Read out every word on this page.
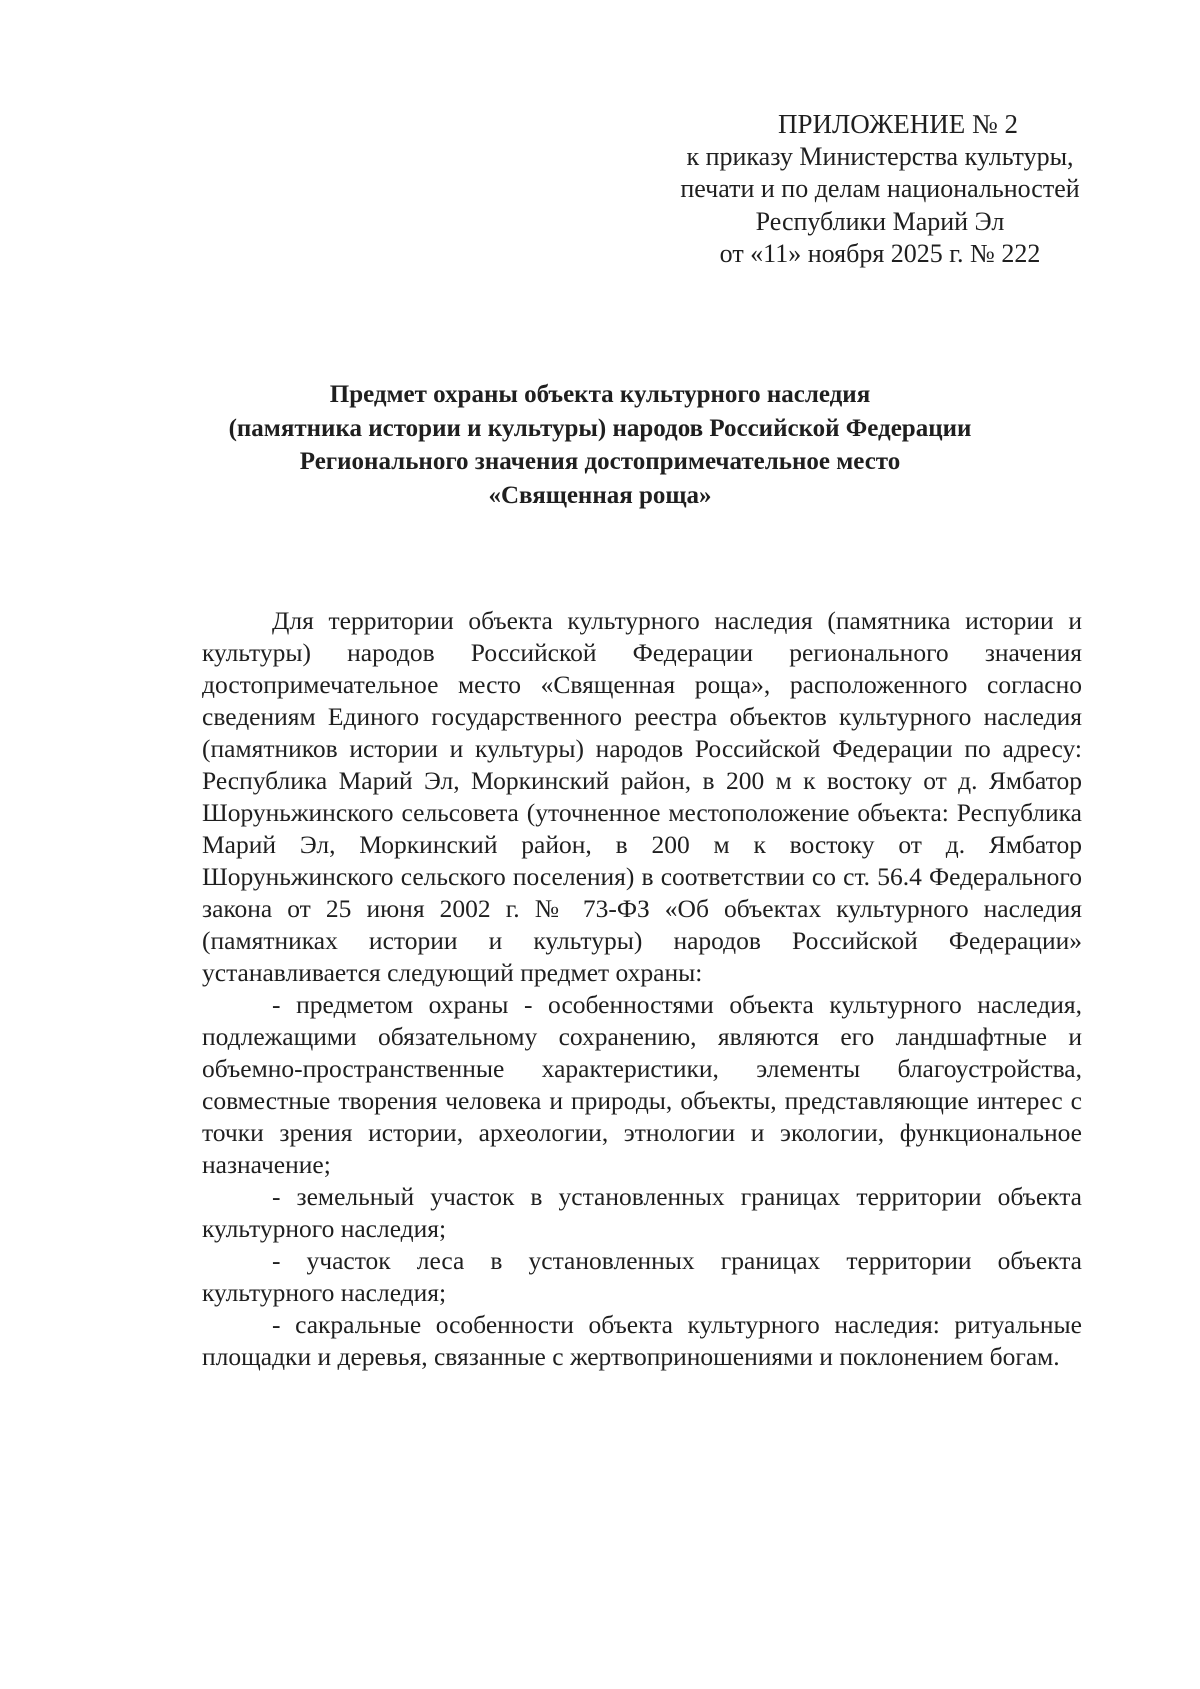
ПРИЛОЖЕНИЕ № 2
к приказу Министерства культуры,
печати и по делам национальностей
Республики Марий Эл
от «11» ноября 2025 г. № 222
Предмет охраны объекта культурного наследия
(памятника истории и культуры) народов Российской Федерации
Регионального значения достопримечательное место
«Священная роща»

Для территории объекта культурного наследия (памятника истории и культуры) народов Российской Федерации регионального значения достопримечательное место «Священная роща», расположенного согласно сведениям Единого государственного реестра объектов культурного наследия (памятников истории и культуры) народов Российской Федерации по адресу: Республика Марий Эл, Моркинский район, в 200 м к востоку от д. Ямбатор Шоруньжинского сельсовета (уточненное местоположение объекта: Республика Марий Эл, Моркинский район, в 200 м к востоку от д. Ямбатор Шоруньжинского сельского поселения) в соответствии со ст. 56.4 Федерального закона от 25 июня 2002 г. № 73-ФЗ «Об объектах культурного наследия (памятниках истории и культуры) народов Российской Федерации» устанавливается следующий предмет охраны:

- предметом охраны - особенностями объекта культурного наследия, подлежащими обязательному сохранению, являются его ландшафтные и объемно-пространственные характеристики, элементы благоустройства, совместные творения человека и природы, объекты, представляющие интерес с точки зрения истории, археологии, этнологии и экологии, функциональное назначение;

- земельный участок в установленных границах территории объекта культурного наследия;

- участок леса в установленных границах территории объекта культурного наследия;

- сакральные особенности объекта культурного наследия: ритуальные площадки и деревья, связанные с жертвоприношениями и поклонением богам.
